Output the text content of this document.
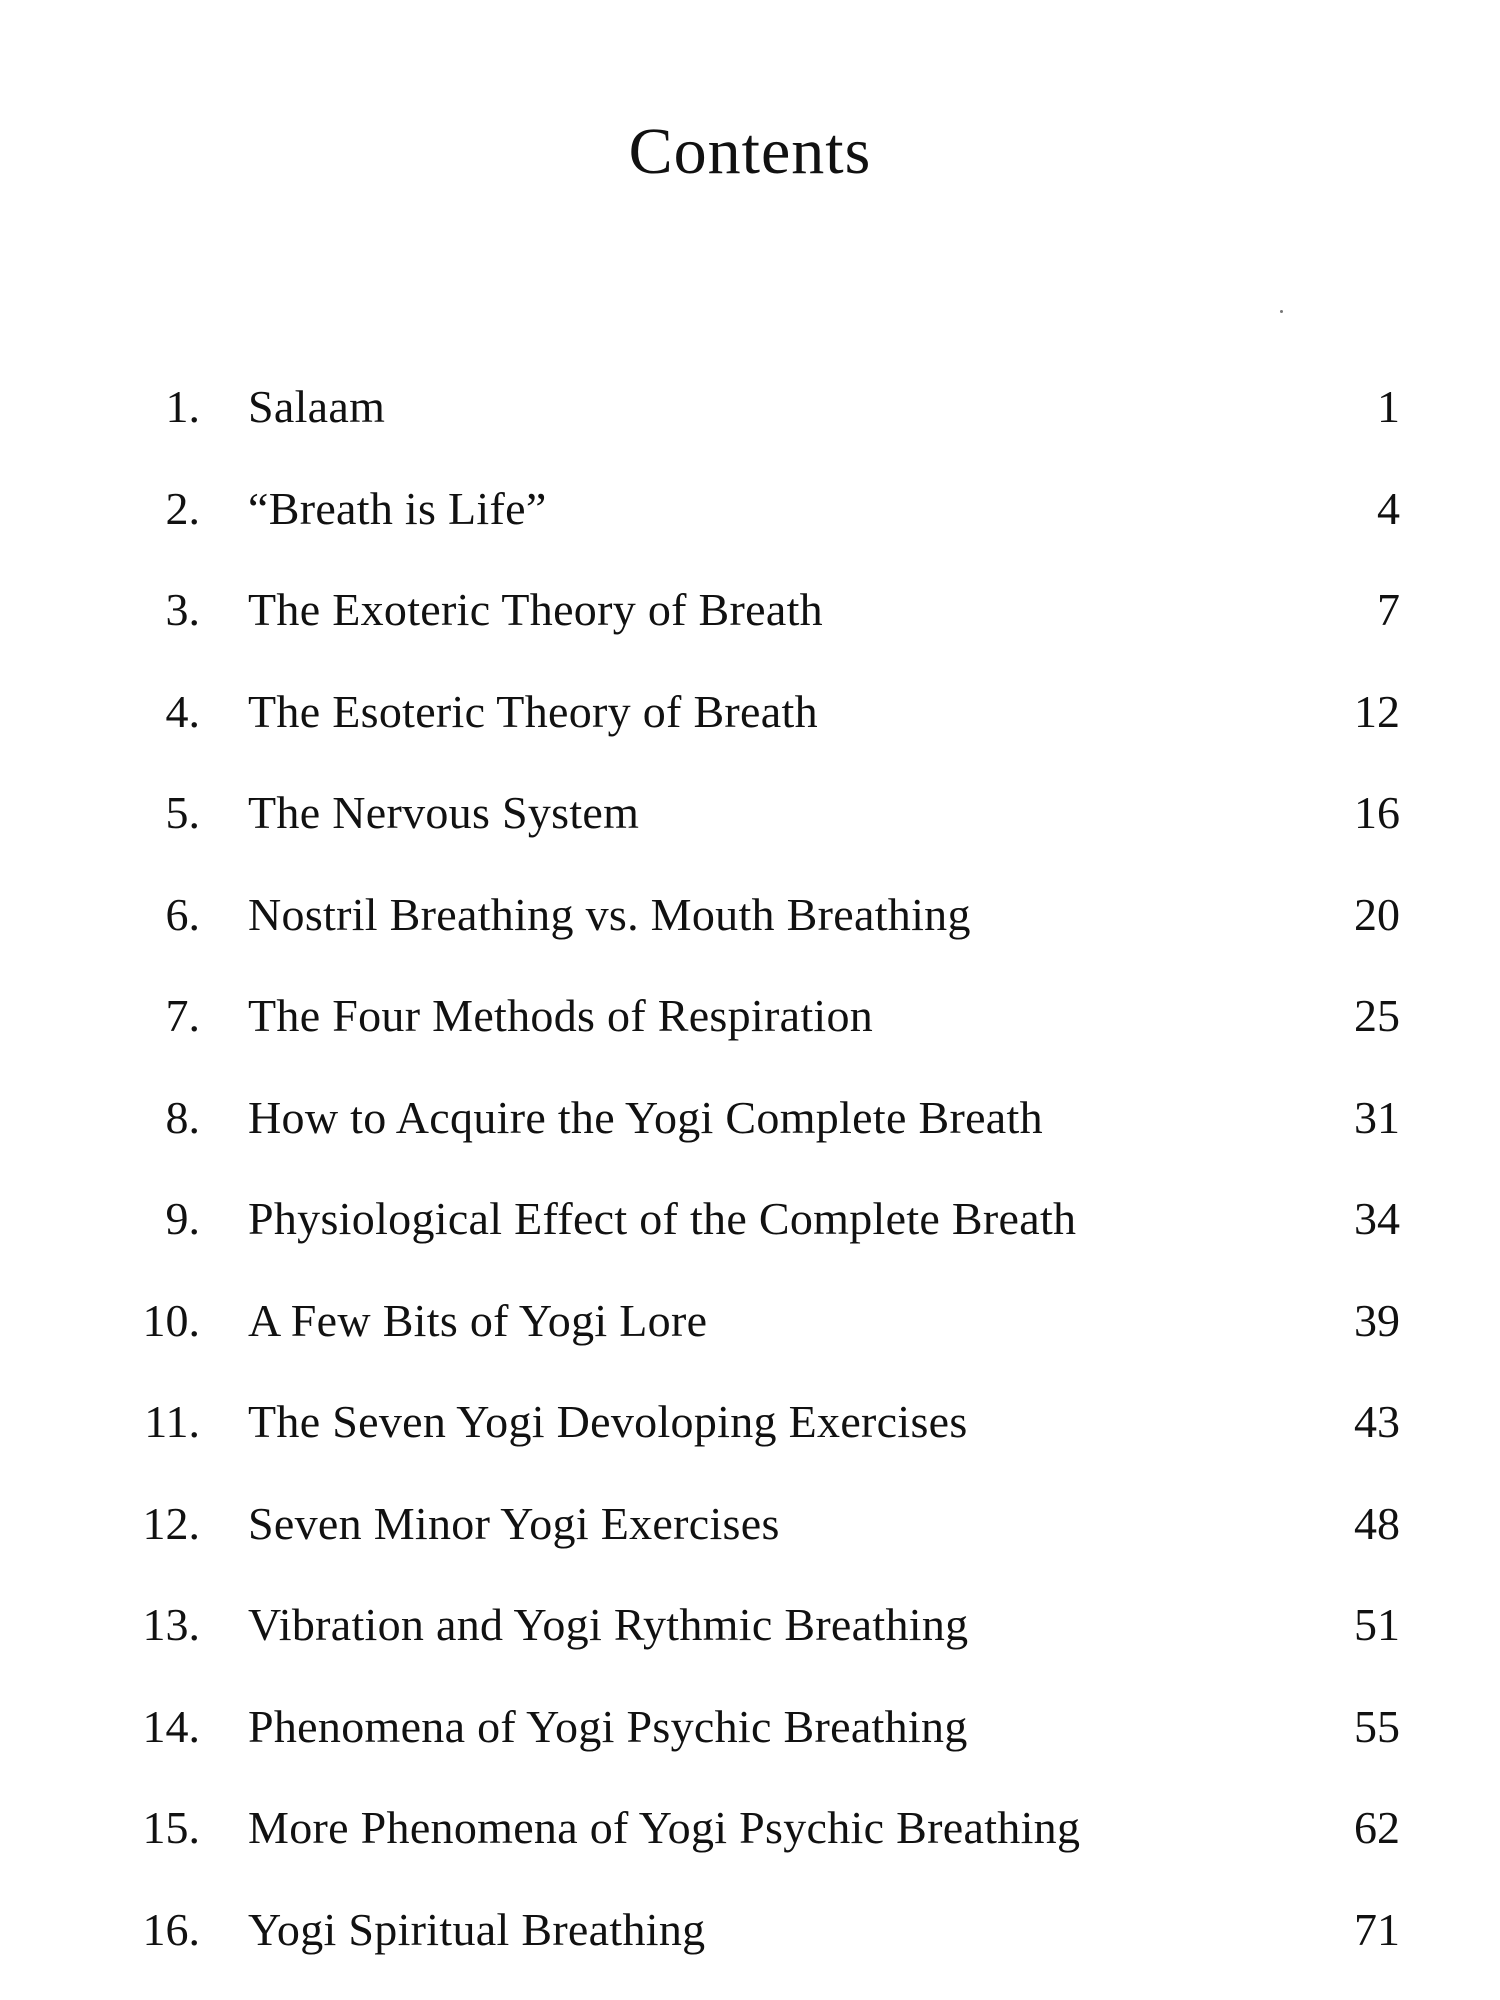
Contents
1. Salaam	1
2. “Breath is Life”	4
3. The Exoteric Theory of Breath	7
4. The Esoteric Theory of Breath	12
5. The Nervous System	16
6. Nostril Breathing vs. Mouth Breathing	20
7. The Four Methods of Respiration	25
8. How to Acquire the Yogi Complete Breath	31
9. Physiological Effect of the Complete Breath	34
10. A Few Bits of Yogi Lore	39
11. The Seven Yogi Devoloping Exercises	43
12. Seven Minor Yogi Exercises	48
13. Vibration and Yogi Rythmic Breathing	51
14. Phenomena of Yogi Psychic Breathing	55
15. More Phenomena of Yogi Psychic Breathing	62
16. Yogi Spiritual Breathing	71
